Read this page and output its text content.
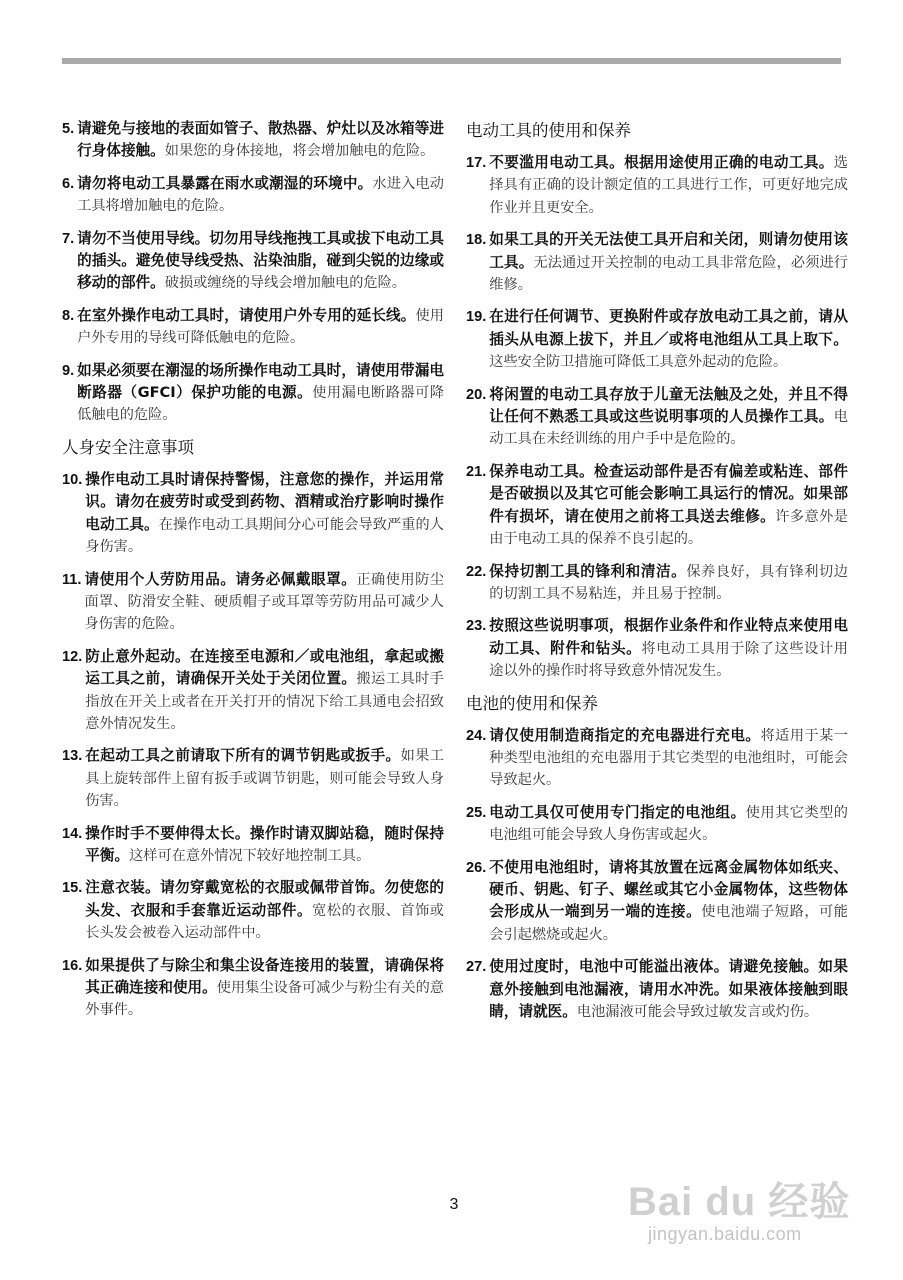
5. 请避免与接地的表面如管子、散热器、炉灶以及冰箱等进行身体接触。如果您的身体接地，将会增加触电的危险。
6. 请勿将电动工具暴露在雨水或潮湿的环境中。水进入电动工具将增加触电的危险。
7. 请勿不当使用导线。切勿用导线拖拽工具或拔下电动工具的插头。避免使导线受热、沾染油脂，碰到尖锐的边缘或移动的部件。破损或缠绕的导线会增加触电的危险。
8. 在室外操作电动工具时，请使用户外专用的延长线。使用户外专用的导线可降低触电的危险。
9. 如果必须要在潮湿的场所操作电动工具时，请使用带漏电断路器（GFCI）保护功能的电源。使用漏电断路器可降低触电的危险。
人身安全注意事项
10. 操作电动工具时请保持警惕，注意您的操作，并运用常识。请勿在疲劳时或受到药物、酒精或治疗影响时操作电动工具。在操作电动工具期间分心可能会导致严重的人身伤害。
11. 请使用个人劳防用品。请务必佩戴眼罩。正确使用防尘面罩、防滑安全鞋、硬质帽子或耳罩等劳防用品可减少人身伤害的危险。
12. 防止意外起动。在连接至电源和／或电池组，拿起或搬运工具之前，请确保开关处于关闭位置。搬运工具时手指放在开关上或者在开关打开的情况下给工具通电会招致意外情况发生。
13. 在起动工具之前请取下所有的调节钥匙或扳手。如果工具上旋转部件上留有扳手或调节钥匙，则可能会导致人身伤害。
14. 操作时手不要伸得太长。操作时请双脚站稳，随时保持平衡。这样可在意外情况下较好地控制工具。
15. 注意衣装。请勿穿戴宽松的衣服或佩带首饰。勿使您的头发、衣服和手套靠近运动部件。宽松的衣服、首饰或长头发会被卷入运动部件中。
16. 如果提供了与除尘和集尘设备连接用的装置，请确保将其正确连接和使用。使用集尘设备可减少与粉尘有关的意外事件。
电动工具的使用和保养
17. 不要滥用电动工具。根据用途使用正确的电动工具。选择具有正确的设计额定值的工具进行工作，可更好地完成作业并且更安全。
18. 如果工具的开关无法使工具开启和关闭，则请勿使用该工具。无法通过开关控制的电动工具非常危险，必须进行维修。
19. 在进行任何调节、更换附件或存放电动工具之前，请从插头从电源上拔下，并且／或将电池组从工具上取下。这些安全防卫措施可降低工具意外起动的危险。
20. 将闲置的电动工具存放于儿童无法触及之处，并且不得让任何不熟悉工具或这些说明事项的人员操作工具。电动工具在未经训练的用户手中是危险的。
21. 保养电动工具。检查运动部件是否有偏差或粘连、部件是否破损以及其它可能会影响工具运行的情况。如果部件有损坏，请在使用之前将工具送去维修。许多意外是由于电动工具的保养不良引起的。
22. 保持切割工具的锋利和清洁。保养良好，具有锋利切边的切割工具不易粘连，并且易于控制。
23. 按照这些说明事项，根据作业条件和作业特点来使用电动工具、附件和钻头。将电动工具用于除了这些设计用途以外的操作时将导致意外情况发生。
电池的使用和保养
24. 请仅使用制造商指定的充电器进行充电。将适用于某一种类型电池组的充电器用于其它类型的电池组时，可能会导致起火。
25. 电动工具仅可使用专门指定的电池组。使用其它类型的电池组可能会导致人身伤害或起火。
26. 不使用电池组时，请将其放置在远离金属物体如纸夹、硬币、钥匙、钉子、螺丝或其它小金属物体，这些物体会形成从一端到另一端的连接。使电池端子短路，可能会引起燃烧或起火。
27. 使用过度时，电池中可能溢出液体。请避免接触。如果意外接触到电池漏液，请用水冲洗。如果液体接触到眼睛，请就医。电池漏液可能会导致过敏发言或灼伤。
3	Bai du 经验
jingyan.baidu.com
